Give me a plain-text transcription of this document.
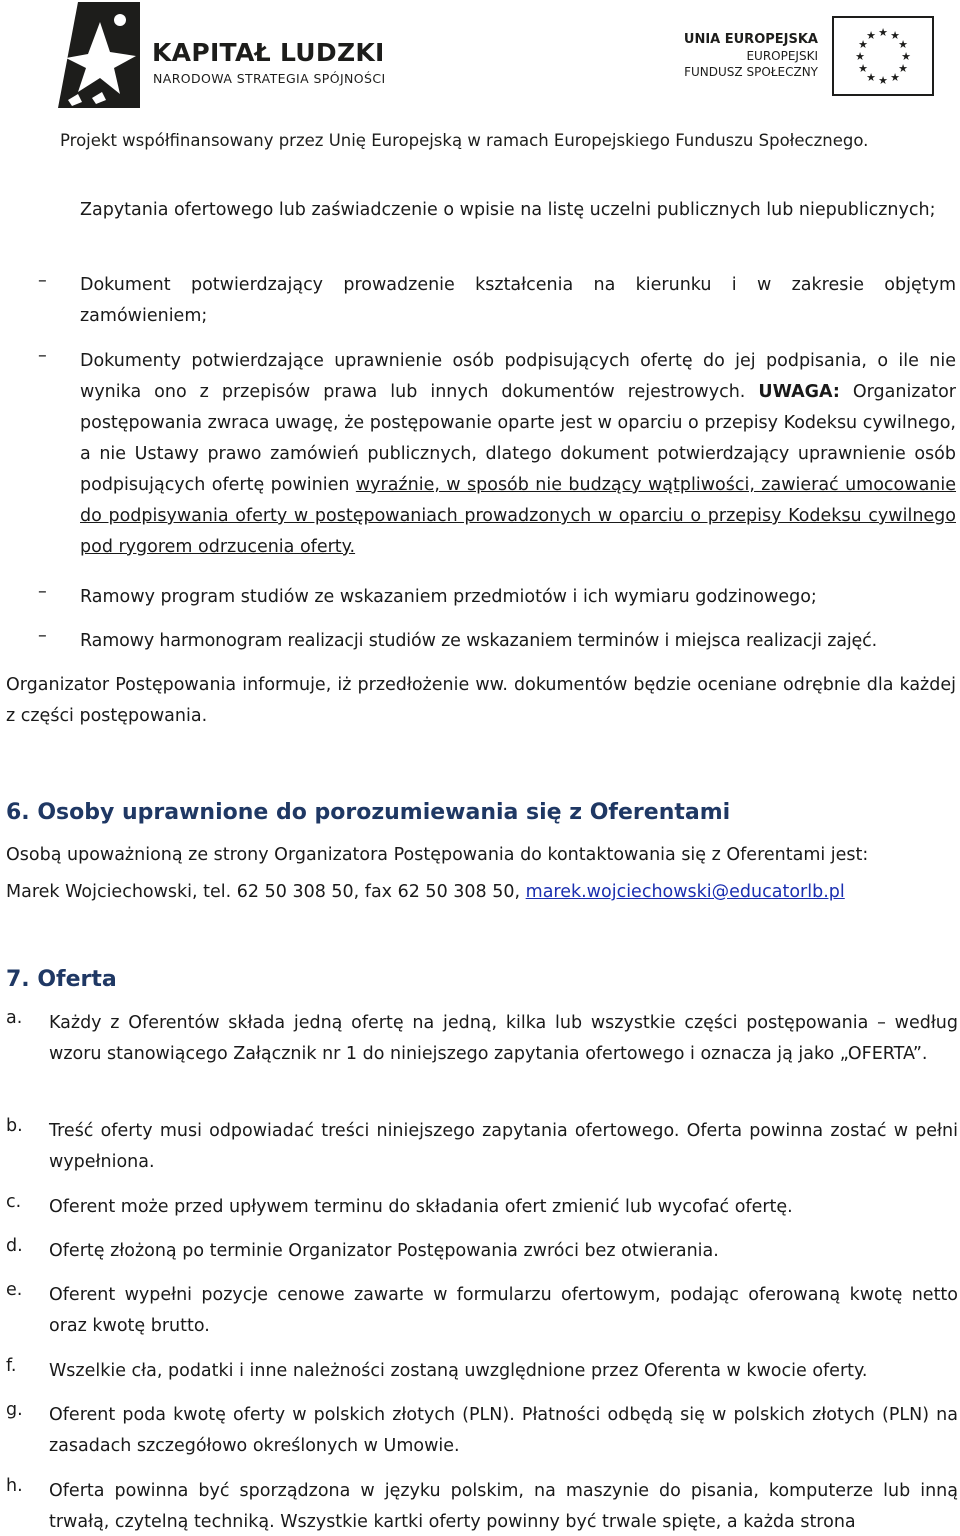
KAPITAŁ LUDZKI
NARODOWA STRATEGIA SPÓJNOŚCI
UNIA EUROPEJSKA
EUROPEJSKI
FUNDUSZ SPOŁECZNY
★ ★
★
★
★
★
★
★
★
★
★
★
Projekt współfinansowany przez Unię Europejską w ramach Europejskiego Funduszu Społecznego.
Zapytania ofertowego lub zaświadczenie o wpisie na listę uczelni publicznych lub niepublicznych;
– Dokument potwierdzający prowadzenie kształcenia na kierunku i w zakresie objętym zamówieniem;
– Dokumenty potwierdzające uprawnienie osób podpisujących ofertę do jej podpisania, o ile nie wynika ono z przepisów prawa lub innych dokumentów rejestrowych. UWAGA: Organizator postępowania zwraca uwagę, że postępowanie oparte jest w oparciu o przepisy Kodeksu cywilnego, a nie Ustawy prawo zamówień publicznych, dlatego dokument potwierdzający uprawnienie osób podpisujących ofertę powinien wyraźnie, w sposób nie budzący wątpliwości, zawierać umocowanie do podpisywania oferty w postępowaniach prowadzonych w oparciu o przepisy Kodeksu cywilnego pod rygorem odrzucenia oferty.
– Ramowy program studiów ze wskazaniem przedmiotów i ich wymiaru godzinowego;
– Ramowy harmonogram realizacji studiów ze wskazaniem terminów i miejsca realizacji zajęć.
Organizator Postępowania informuje, iż przedłożenie ww. dokumentów będzie oceniane odrębnie dla każdej z części postępowania.
6. Osoby uprawnione do porozumiewania się z Oferentami
Osobą upoważnioną ze strony Organizatora Postępowania do kontaktowania się z Oferentami jest:
Marek Wojciechowski, tel. 62 50 308 50, fax 62 50 308 50, marek.wojciechowski@educatorlb.pl
7. Oferta
a. Każdy z Oferentów składa jedną ofertę na jedną, kilka lub wszystkie części postępowania – według wzoru stanowiącego Załącznik nr 1 do niniejszego zapytania ofertowego i oznacza ją jako „OFERTA”.
b. Treść oferty musi odpowiadać treści niniejszego zapytania ofertowego. Oferta powinna zostać w pełni wypełniona.
c. Oferent może przed upływem terminu do składania ofert zmienić lub wycofać ofertę.
d. Ofertę złożoną po terminie Organizator Postępowania zwróci bez otwierania.
e. Oferent wypełni pozycje cenowe zawarte w formularzu ofertowym, podając oferowaną kwotę netto oraz kwotę brutto.
f. Wszelkie cła, podatki i inne należności zostaną uwzględnione przez Oferenta w kwocie oferty.
g. Oferent poda kwotę oferty w polskich złotych (PLN). Płatności odbędą się w polskich złotych (PLN) na zasadach szczegółowo określonych w Umowie.
h. Oferta powinna być sporządzona w języku polskim, na maszynie do pisania, komputerze lub inną trwałą, czytelną techniką. Wszystkie kartki oferty powinny być trwale spięte, a każda strona
